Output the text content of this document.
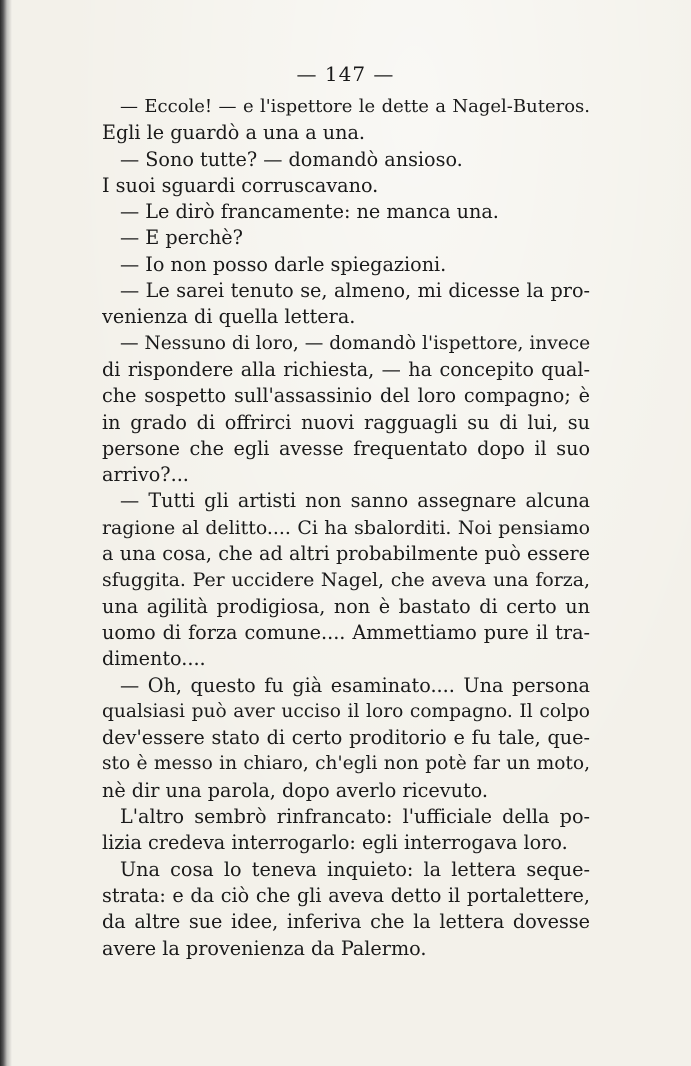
— 147 —
— Eccole! — e l'ispettore le dette a Nagel-Buteros.
Egli le guardò a una a una.
— Sono tutte? — domandò ansioso.
I suoi sguardi corruscavano.
— Le dirò francamente: ne manca una.
— E perchè?
— Io non posso darle spiegazioni.
— Le sarei tenuto se, almeno, mi dicesse la pro-
venienza di quella lettera.
— Nessuno di loro, — domandò l'ispettore, invece
di rispondere alla richiesta, — ha concepito qual-
che sospetto sull'assassinio del loro compagno; è
in grado di offrirci nuovi ragguagli su di lui, su
persone che egli avesse frequentato dopo il suo
arrivo?...
— Tutti gli artisti non sanno assegnare alcuna
ragione al delitto.... Ci ha sbalorditi. Noi pensiamo
a una cosa, che ad altri probabilmente può essere
sfuggita. Per uccidere Nagel, che aveva una forza,
una agilità prodigiosa, non è bastato di certo un
uomo di forza comune.... Ammettiamo pure il tra-
dimento....
— Oh, questo fu già esaminato.... Una persona
qualsiasi può aver ucciso il loro compagno. Il colpo
dev'essere stato di certo proditorio e fu tale, que-
sto è messo in chiaro, ch'egli non potè far un moto,
nè dir una parola, dopo averlo ricevuto.
L'altro sembrò rinfrancato: l'ufficiale della po-
lizia credeva interrogarlo: egli interrogava loro.
Una cosa lo teneva inquieto: la lettera seque-
strata: e da ciò che gli aveva detto il portalettere,
da altre sue idee, inferiva che la lettera dovesse
avere la provenienza da Palermo.
